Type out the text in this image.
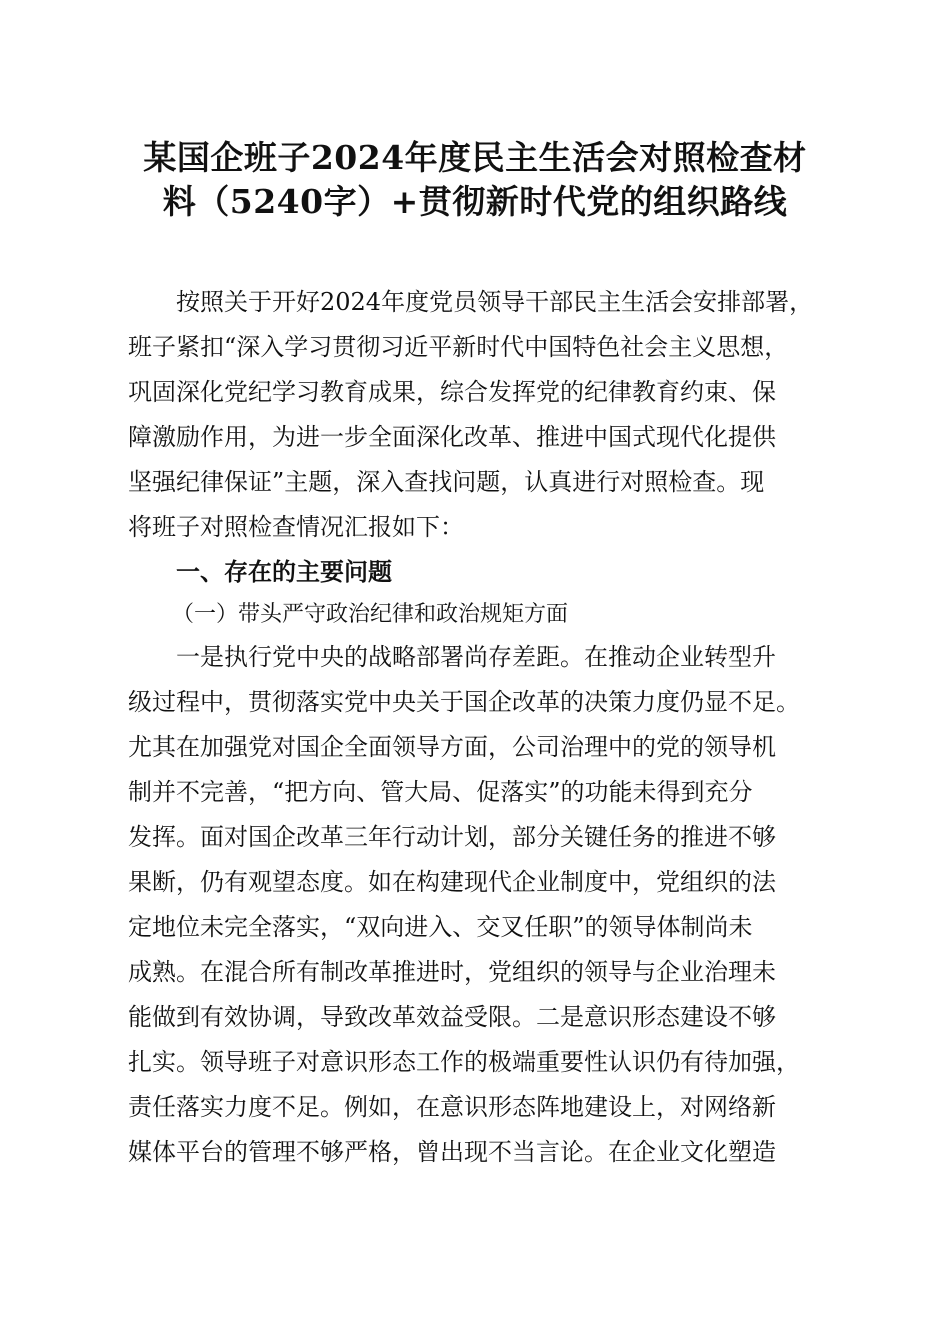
某国企班子2024年度民主生活会对照检查材
料（5240字）+贯彻新时代党的组织路线

按照关于开好2024年度党员领导干部民主生活会安排部署，
班子紧扣“深入学习贯彻习近平新时代中国特色社会主义思想，
巩固深化党纪学习教育成果，综合发挥党的纪律教育约束、保
障激励作用，为进一步全面深化改革、推进中国式现代化提供
坚强纪律保证”主题，深入查找问题，认真进行对照检查。现
将班子对照检查情况汇报如下：

一、存在的主要问题

（一）带头严守政治纪律和政治规矩方面

一是执行党中央的战略部署尚存差距。在推动企业转型升
级过程中，贯彻落实党中央关于国企改革的决策力度仍显不足。
尤其在加强党对国企全面领导方面，公司治理中的党的领导机
制并不完善，“把方向、管大局、促落实”的功能未得到充分
发挥。面对国企改革三年行动计划，部分关键任务的推进不够
果断，仍有观望态度。如在构建现代企业制度中，党组织的法
定地位未完全落实，“双向进入、交叉任职”的领导体制尚未
成熟。在混合所有制改革推进时，党组织的领导与企业治理未
能做到有效协调，导致改革效益受限。二是意识形态建设不够
扎实。领导班子对意识形态工作的极端重要性认识仍有待加强，
责任落实力度不足。例如，在意识形态阵地建设上，对网络新
媒体平台的管理不够严格，曾出现不当言论。在企业文化塑造
